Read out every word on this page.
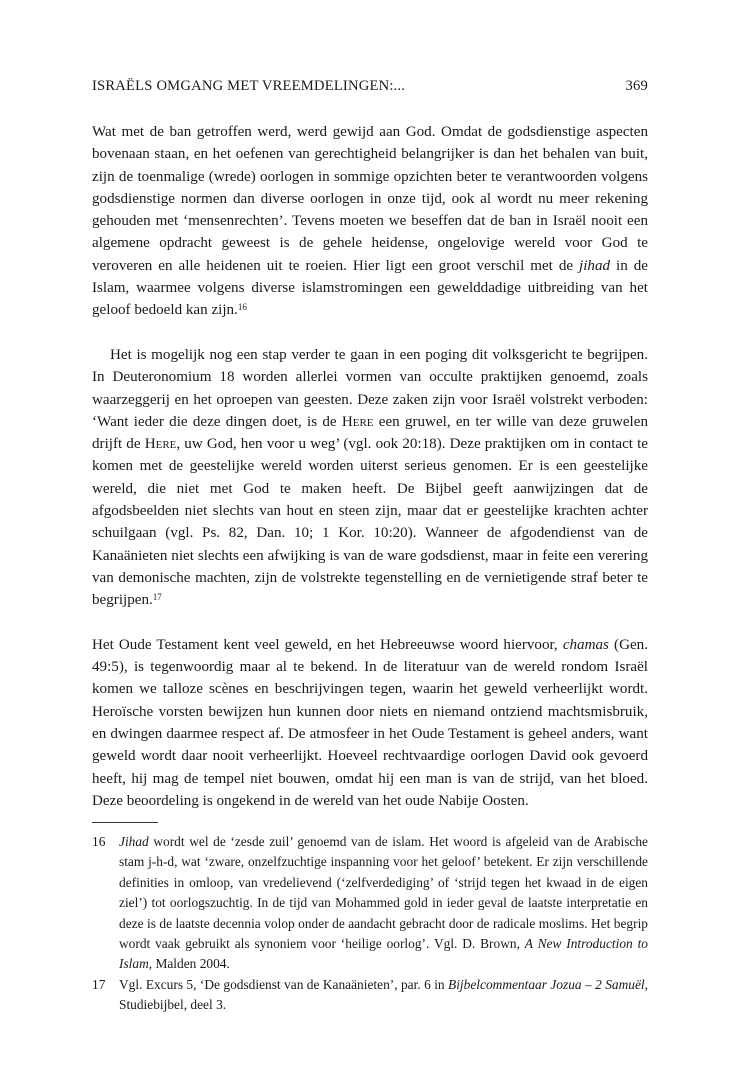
ISRAËLS OMGANG MET VREEMDELINGEN:...	369

Wat met de ban getroffen werd, werd gewijd aan God. Omdat de godsdienstige aspecten bovenaan staan, en het oefenen van gerechtigheid belangrijker is dan het behalen van buit, zijn de toenmalige (wrede) oorlogen in sommige opzichten beter te verantwoorden volgens godsdienstige normen dan diverse oorlogen in onze tijd, ook al wordt nu meer rekening gehouden met ‘mensenrechten’. Tevens moeten we beseffen dat de ban in Israël nooit een algemene opdracht geweest is de gehele heidense, ongelovige wereld voor God te veroveren en alle heidenen uit te roeien. Hier ligt een groot verschil met de jihad in de Islam, waarmee volgens diverse islamstromingen een gewelddadige uitbreiding van het geloof bedoeld kan zijn.$^{16}$

Het is mogelijk nog een stap verder te gaan in een poging dit volksgericht te begrijpen. In Deuteronomium 18 worden allerlei vormen van occulte praktijken genoemd, zoals waarzeggerij en het oproepen van geesten. Deze zaken zijn voor Israël volstrekt verboden: ‘Want ieder die deze dingen doet, is de Here een gruwel, en ter wille van deze gruwelen drijft de Here, uw God, hen voor u weg’ (vgl. ook 20:18). Deze praktijken om in contact te komen met de geestelijke wereld worden uiterst serieus genomen. Er is een geestelijke wereld, die niet met God te maken heeft. De Bijbel geeft aanwijzingen dat de afgodsbeelden niet slechts van hout en steen zijn, maar dat er geestelijke krachten achter schuilgaan (vgl. Ps. 82, Dan. 10; 1 Kor. 10:20). Wanneer de afgodendienst van de Kanaänieten niet slechts een afwijking is van de ware godsdienst, maar in feite een verering van demonische machten, zijn de volstrekte tegenstelling en de vernietigende straf beter te begrijpen.$^{17}$

Het Oude Testament kent veel geweld, en het Hebreeuwse woord hiervoor, chamas (Gen. 49:5), is tegenwoordig maar al te bekend. In de literatuur van de wereld rondom Israël komen we talloze scènes en beschrijvingen tegen, waarin het geweld verheerlijkt wordt. Heroïsche vorsten bewijzen hun kunnen door niets en niemand ontziend machtsmisbruik, en dwingen daarmee respect af. De atmosfeer in het Oude Testament is geheel anders, want geweld wordt daar nooit verheerlijkt. Hoeveel rechtvaardige oorlogen David ook gevoerd heeft, hij mag de tempel niet bouwen, omdat hij een man is van de strijd, van het bloed. Deze beoordeling is ongekend in de wereld van het oude Nabije Oosten.

16 Jihad wordt wel de ‘zesde zuil’ genoemd van de islam. Het woord is afgeleid van de Arabische stam j-h-d, wat ‘zware, onzelfzuchtige inspanning voor het geloof’ betekent. Er zijn verschillende definities in omloop, van vredelievend (‘zelfverdediging’ of ‘strijd tegen het kwaad in de eigen ziel’) tot oorlogszuchtig. In de tijd van Mohammed gold in ieder geval de laatste interpretatie en deze is de laatste decennia volop onder de aandacht gebracht door de radicale moslims. Het begrip wordt vaak gebruikt als synoniem voor ‘heilige oorlog’. Vgl. D. Brown, A New Introduction to Islam, Malden 2004.
17 Vgl. Excurs 5, ‘De godsdienst van de Kanaänieten’, par. 6 in Bijbelcommentaar Jozua – 2 Samuël, Studiebijbel, deel 3.
